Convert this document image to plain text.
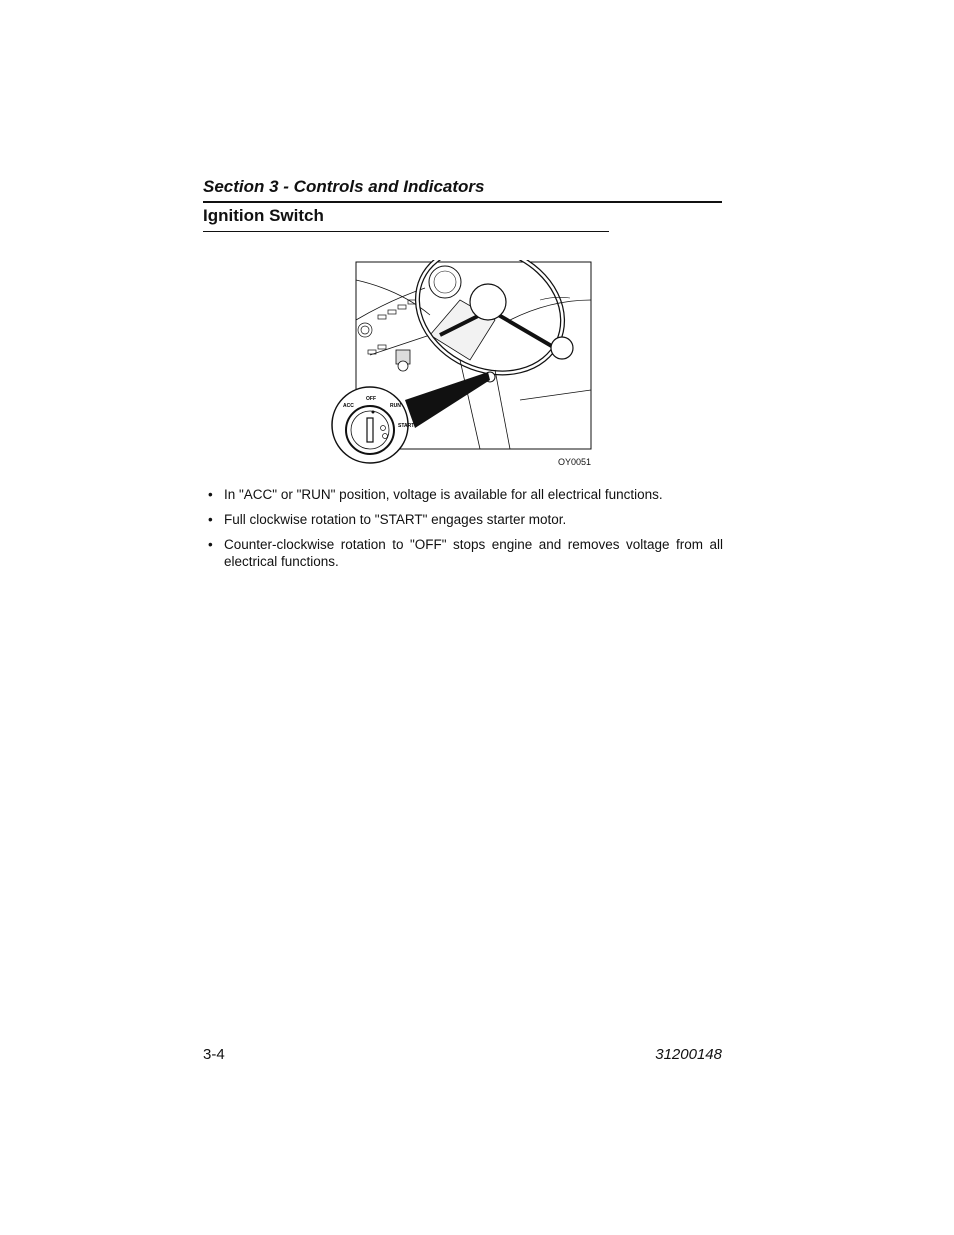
Section 3 - Controls and Indicators
Ignition Switch
ACC
OFF
RUN
START
OY0051
• In "ACC" or "RUN" position, voltage is available for all electrical functions.
• Full clockwise rotation to "START" engages starter motor.
• Counter-clockwise rotation to "OFF" stops engine and removes voltage from all electrical functions.
3-4	31200148
